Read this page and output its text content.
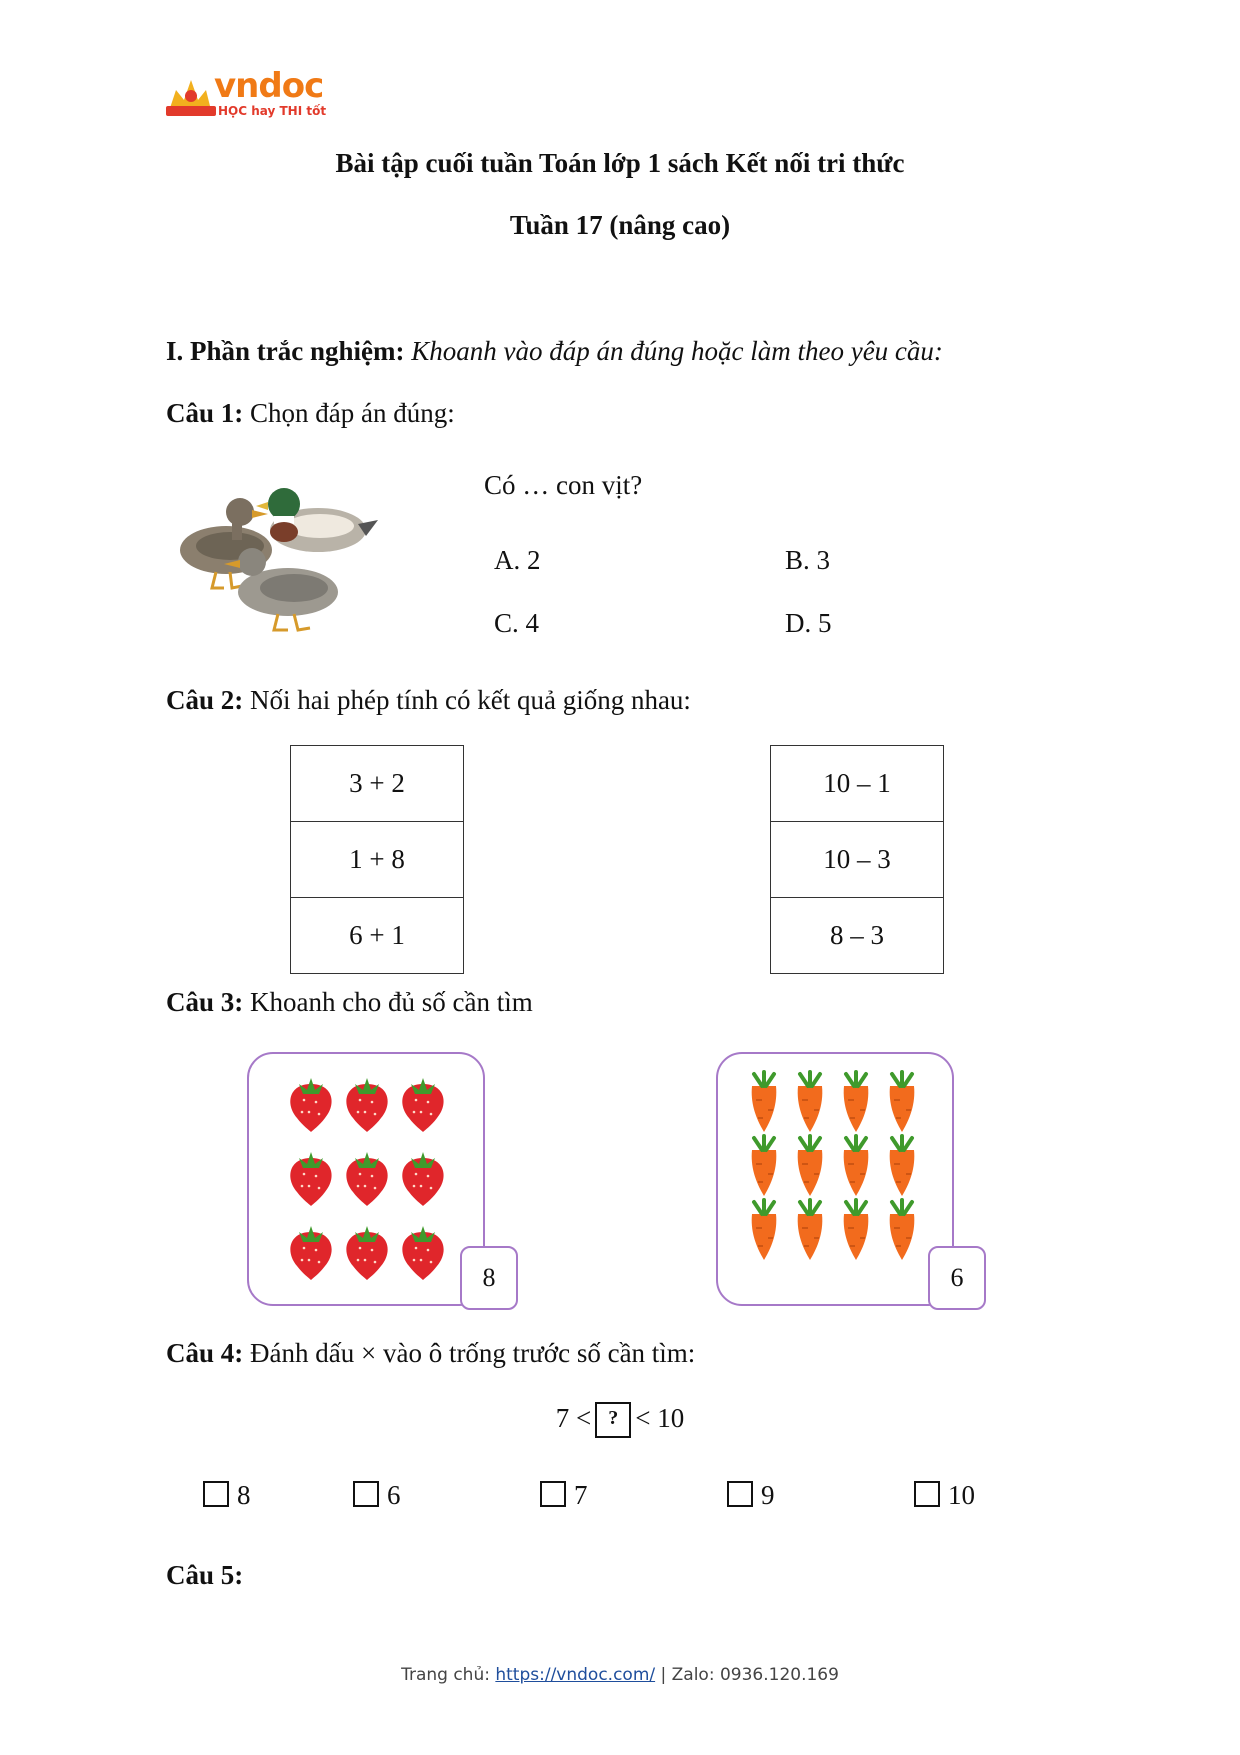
vndoc
HỌC hay THI tốt
Bài tập cuối tuần Toán lớp 1 sách Kết nối tri thức
Tuần 17 (nâng cao)
I. Phần trắc nghiệm: Khoanh vào đáp án đúng hoặc làm theo yêu cầu:
Câu 1: Chọn đáp án đúng:
Có … con vịt?
A. 2	B. 3
C. 4	D. 5
Câu 2: Nối hai phép tính có kết quả giống nhau:
3 + 2
1 + 8
6 + 1
10 – 1
10 – 3
8 – 3
Câu 3: Khoanh cho đủ số cần tìm
8	6
Câu 4: Đánh dấu × vào ô trống trước số cần tìm:
7 < ? < 10
8	6	7	9	10
Câu 5:
Trang chủ: https://vndoc.com/ | Zalo: 0936.120.169
